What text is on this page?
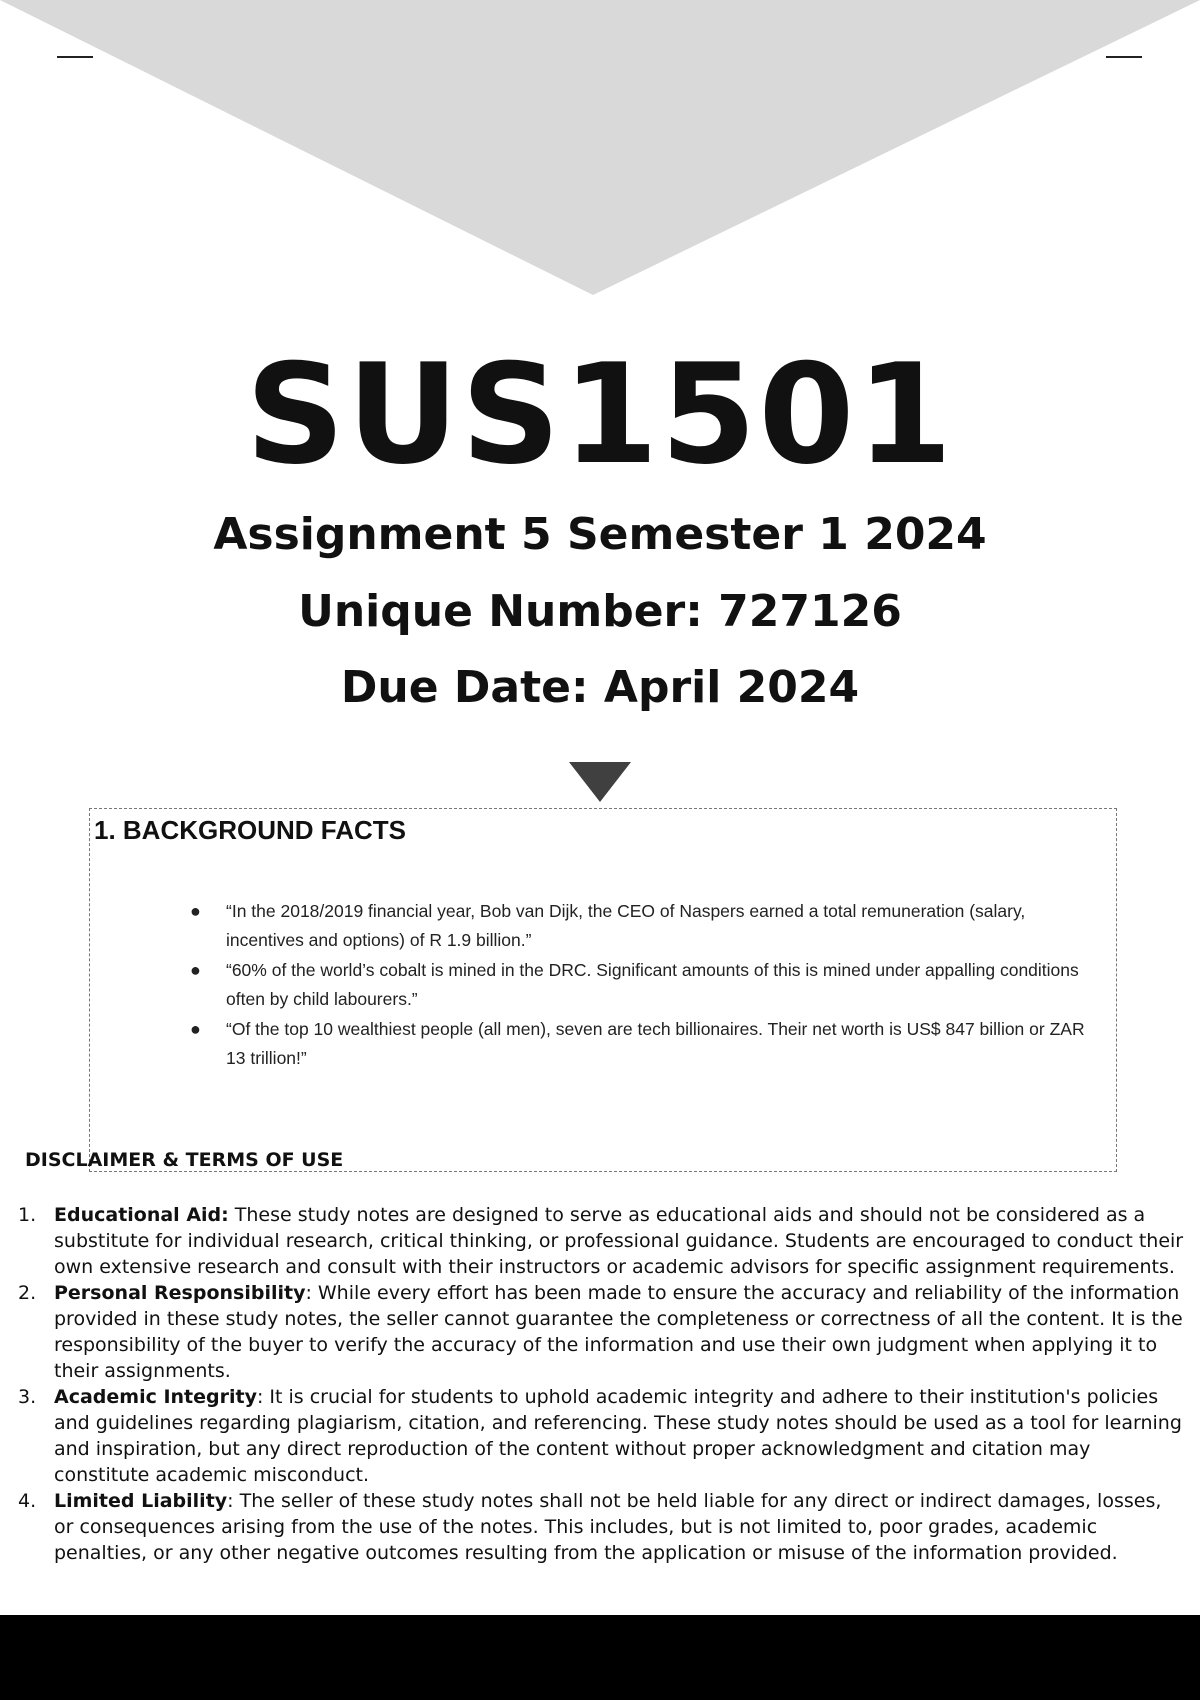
SUS1501
Assignment 5 Semester 1 2024
Unique Number: 727126
Due Date: April 2024
1. BACKGROUND FACTS
● “In the 2018/2019 financial year, Bob van Dijk, the CEO of Naspers earned a total remuneration (salary, incentives and options) of R 1.9 billion.”
● “60% of the world’s cobalt is mined in the DRC. Significant amounts of this is mined under appalling conditions often by child labourers.”
● “Of the top 10 wealthiest people (all men), seven are tech billionaires. Their net worth is US$ 847 billion or ZAR 13 trillion!”
DISCLAIMER & TERMS OF USE
1. Educational Aid: These study notes are designed to serve as educational aids and should not be considered as a substitute for individual research, critical thinking, or professional guidance. Students are encouraged to conduct their own extensive research and consult with their instructors or academic advisors for specific assignment requirements.
2. Personal Responsibility: While every effort has been made to ensure the accuracy and reliability of the information provided in these study notes, the seller cannot guarantee the completeness or correctness of all the content. It is the responsibility of the buyer to verify the accuracy of the information and use their own judgment when applying it to their assignments.
3. Academic Integrity: It is crucial for students to uphold academic integrity and adhere to their institution's policies and guidelines regarding plagiarism, citation, and referencing. These study notes should be used as a tool for learning and inspiration, but any direct reproduction of the content without proper acknowledgment and citation may constitute academic misconduct.
4. Limited Liability: The seller of these study notes shall not be held liable for any direct or indirect damages, losses, or consequences arising from the use of the notes. This includes, but is not limited to, poor grades, academic penalties, or any other negative outcomes resulting from the application or misuse of the information provided.
